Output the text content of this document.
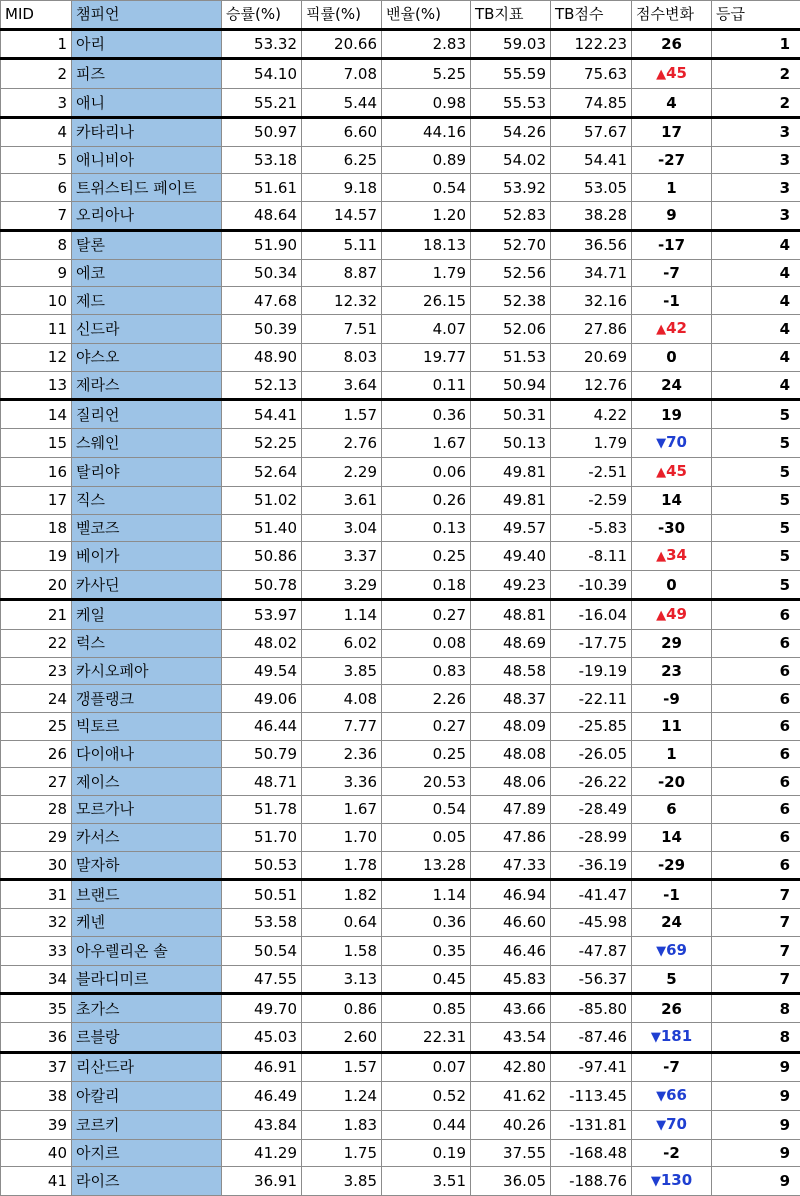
MID	챔피언	승률(%)	픽률(%)	밴율(%)	TB지표	TB점수	점수변화	등급
1	아리	53.32	20.66	2.83	59.03	122.23	26	1
2	피즈	54.10	7.08	5.25	55.59	75.63	▲45	2
3	애니	55.21	5.44	0.98	55.53	74.85	4	2
4	카타리나	50.97	6.60	44.16	54.26	57.67	17	3
5	애니비아	53.18	6.25	0.89	54.02	54.41	-27	3
6	트위스티드 페이트	51.61	9.18	0.54	53.92	53.05	1	3
7	오리아나	48.64	14.57	1.20	52.83	38.28	9	3
8	탈론	51.90	5.11	18.13	52.70	36.56	-17	4
9	에코	50.34	8.87	1.79	52.56	34.71	-7	4
10	제드	47.68	12.32	26.15	52.38	32.16	-1	4
11	신드라	50.39	7.51	4.07	52.06	27.86	▲42	4
12	야스오	48.90	8.03	19.77	51.53	20.69	0	4
13	제라스	52.13	3.64	0.11	50.94	12.76	24	4
14	질리언	54.41	1.57	0.36	50.31	4.22	19	5
15	스웨인	52.25	2.76	1.67	50.13	1.79	▼70	5
16	탈리야	52.64	2.29	0.06	49.81	-2.51	▲45	5
17	직스	51.02	3.61	0.26	49.81	-2.59	14	5
18	벨코즈	51.40	3.04	0.13	49.57	-5.83	-30	5
19	베이가	50.86	3.37	0.25	49.40	-8.11	▲34	5
20	카사딘	50.78	3.29	0.18	49.23	-10.39	0	5
21	케일	53.97	1.14	0.27	48.81	-16.04	▲49	6
22	럭스	48.02	6.02	0.08	48.69	-17.75	29	6
23	카시오페아	49.54	3.85	0.83	48.58	-19.19	23	6
24	갱플랭크	49.06	4.08	2.26	48.37	-22.11	-9	6
25	빅토르	46.44	7.77	0.27	48.09	-25.85	11	6
26	다이애나	50.79	2.36	0.25	48.08	-26.05	1	6
27	제이스	48.71	3.36	20.53	48.06	-26.22	-20	6
28	모르가나	51.78	1.67	0.54	47.89	-28.49	6	6
29	카서스	51.70	1.70	0.05	47.86	-28.99	14	6
30	말자하	50.53	1.78	13.28	47.33	-36.19	-29	6
31	브랜드	50.51	1.82	1.14	46.94	-41.47	-1	7
32	케넨	53.58	0.64	0.36	46.60	-45.98	24	7
33	아우렐리온 솔	50.54	1.58	0.35	46.46	-47.87	▼69	7
34	블라디미르	47.55	3.13	0.45	45.83	-56.37	5	7
35	초가스	49.70	0.86	0.85	43.66	-85.80	26	8
36	르블랑	45.03	2.60	22.31	43.54	-87.46	▼181	8
37	리산드라	46.91	1.57	0.07	42.80	-97.41	-7	9
38	아칼리	46.49	1.24	0.52	41.62	-113.45	▼66	9
39	코르키	43.84	1.83	0.44	40.26	-131.81	▼70	9
40	아지르	41.29	1.75	0.19	37.55	-168.48	-2	9
41	라이즈	36.91	3.85	3.51	36.05	-188.76	▼130	9
